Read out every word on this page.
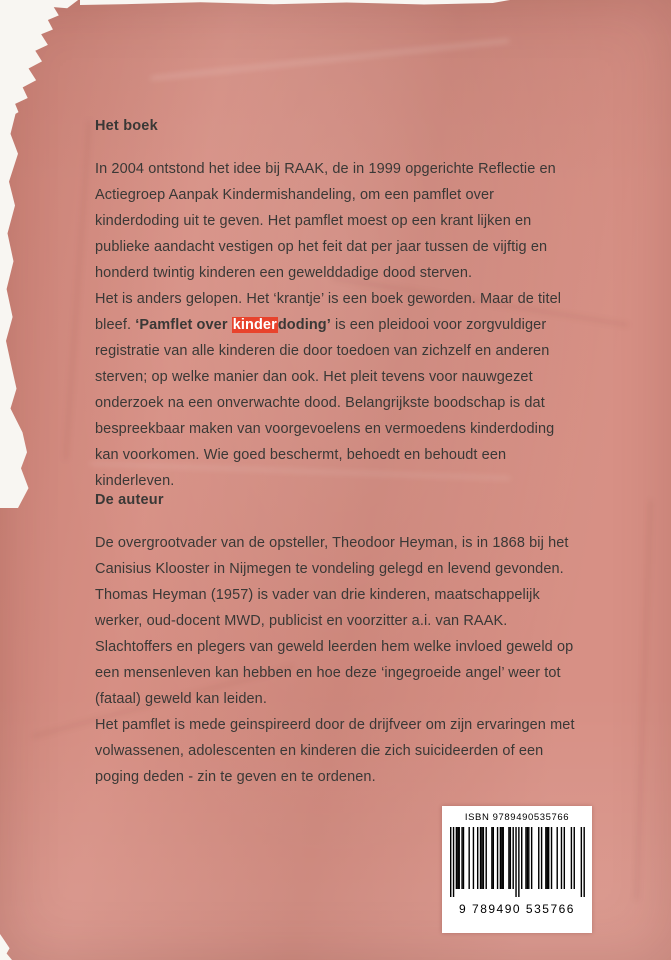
Het boek

In 2004 ontstond het idee bij RAAK, de in 1999 opgerichte Reflectie en Actiegroep Aanpak Kindermishandeling, om een pamflet over kinderdoding uit te geven. Het pamflet moest op een krant lijken en publieke aandacht vestigen op het feit dat per jaar tussen de vijftig en honderd twintig kinderen een gewelddadige dood sterven.

Het is anders gelopen. Het ‘krantje’ is een boek geworden. Maar de titel bleef. ‘Pamflet over kinderdoding’ is een pleidooi voor zorgvuldiger registratie van alle kinderen die door toedoen van zichzelf en anderen sterven; op welke manier dan ook. Het pleit tevens voor nauwgezet onderzoek na een onverwachte dood. Belangrijkste boodschap is dat bespreekbaar maken van voorgevoelens en vermoedens kinderdoding kan voorkomen. Wie goed beschermt, behoedt en behoudt een kinderleven.

De auteur

De overgrootvader van de opsteller, Theodoor Heyman, is in 1868 bij het Canisius Klooster in Nijmegen te vondeling gelegd en levend gevonden.

Thomas Heyman (1957) is vader van drie kinderen, maatschappelijk werker, oud-docent MWD, publicist en voorzitter a.i. van RAAK.

Slachtoffers en plegers van geweld leerden hem welke invloed geweld op een mensenleven kan hebben en hoe deze ‘ingegroeide angel’ weer tot (fataal) geweld kan leiden.

Het pamflet is mede geinspireerd door de drijfveer om zijn ervaringen met volwassenen, adolescenten en kinderen die zich suicideerden of een poging deden - zin te geven en te ordenen.

ISBN 9789490535766
9 789490 535766
